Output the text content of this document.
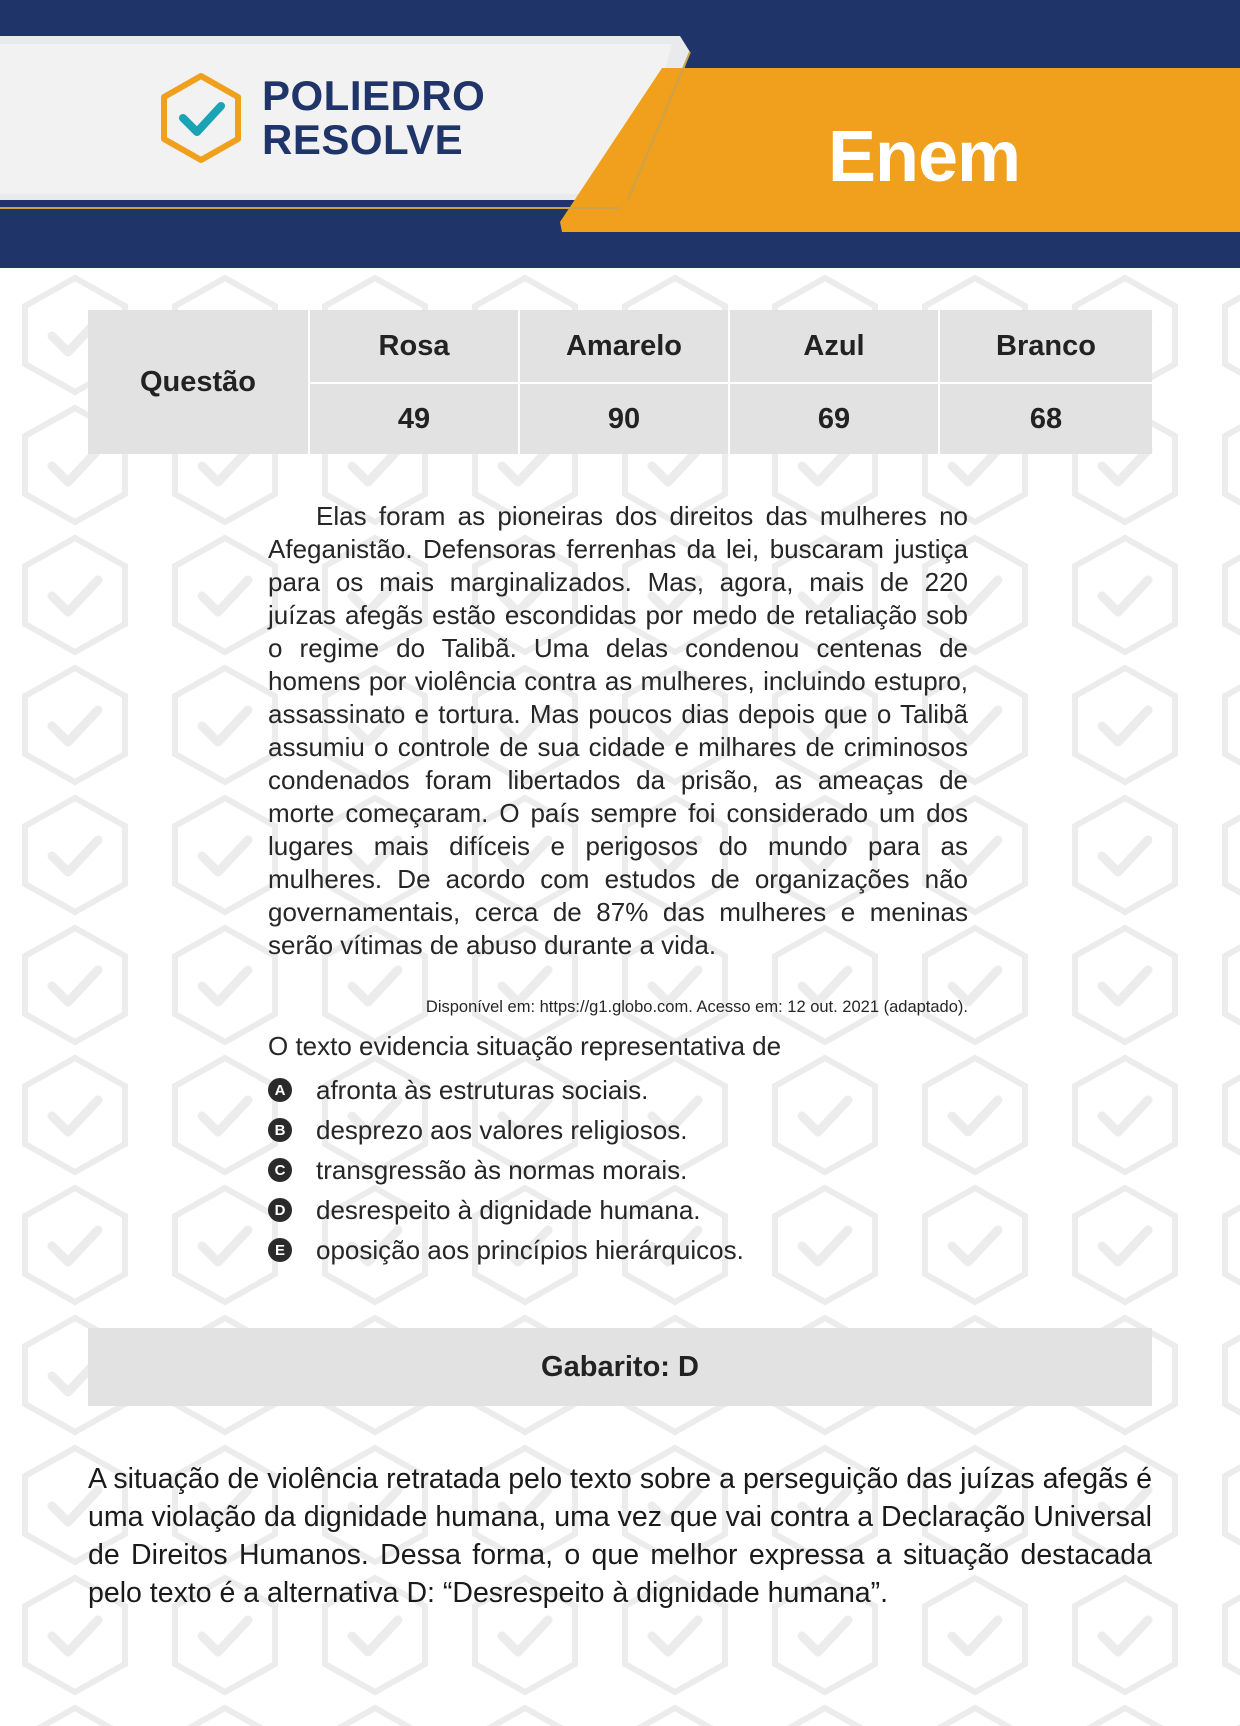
POLIEDRO
RESOLVE	Enem
Questão
Rosa	Amarelo	Azul	Branco
49	90	69	68

Elas foram as pioneiras dos direitos das mulheres no Afeganistão. Defensoras ferrenhas da lei, buscaram justiça para os mais marginalizados. Mas, agora, mais de 220 juízas afegãs estão escondidas por medo de retaliação sob o regime do Talibã. Uma delas condenou centenas de homens por violência contra as mulheres, incluindo estupro, assassinato e tortura. Mas poucos dias depois que o Talibã assumiu o controle de sua cidade e milhares de criminosos condenados foram libertados da prisão, as ameaças de morte começaram. O país sempre foi considerado um dos lugares mais difíceis e perigosos do mundo para as mulheres. De acordo com estudos de organizações não governamentais, cerca de 87% das mulheres e meninas serão vítimas de abuso durante a vida.

Disponível em: https://g1.globo.com. Acesso em: 12 out. 2021 (adaptado).
O texto evidencia situação representativa de
A afronta às estruturas sociais.
B desprezo aos valores religiosos.
C transgressão às normas morais.
D desrespeito à dignidade humana.
E oposição aos princípios hierárquicos.
Gabarito: D

A situação de violência retratada pelo texto sobre a perseguição das juízas afegãs é uma violação da dignidade humana, uma vez que vai contra a Declaração Universal de Direitos Humanos. Dessa forma, o que melhor expressa a situação destacada pelo texto é a alternativa D: “Desrespeito à dignidade humana”.
